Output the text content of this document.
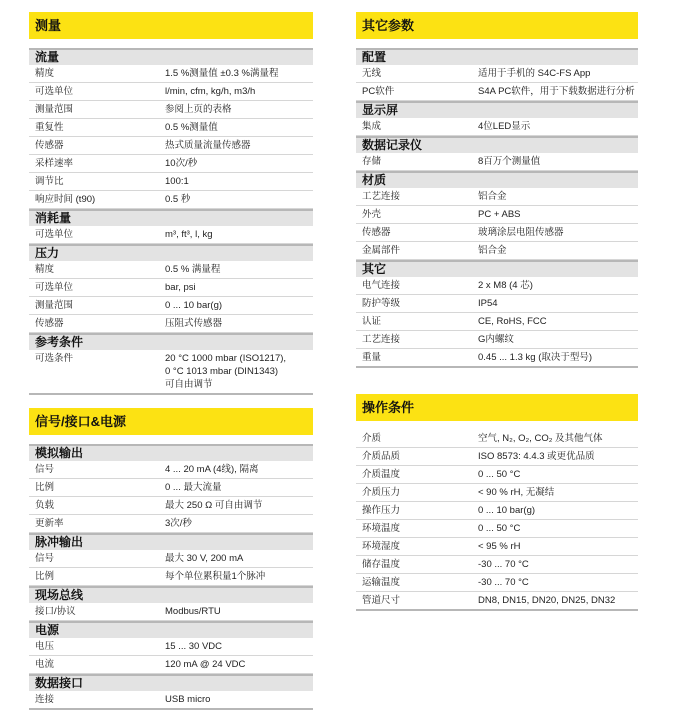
测量
流量
精度	1.5 %测量值 ±0.3 %满量程
可选单位	l/min, cfm, kg/h, m3/h
测量范围	参阅上页的表格
重复性	0.5 %测量值
传感器	热式质量流量传感器
采样速率	10次/秒
调节比	100:1
响应时间 (t90)	0.5 秒
消耗量
可选单位	m³, ft³, l, kg
压力
精度	0.5 % 满量程
可选单位	bar, psi
测量范围	0 ... 10 bar(g)
传感器	压阻式传感器
参考条件
可选条件	20 °C 1000 mbar (ISO1217),
0 °C 1013 mbar (DIN1343)
可自由调节
其它参数
配置
无线	适用于手机的 S4C-FS App
PC软件	S4A PC软件，用于下载数据进行分析
显示屏
集成	4位LED显示
数据记录仪
存储	8百万个测量值
材质
工艺连接	铝合金
外壳	PC + ABS
传感器	玻璃涂层电阻传感器
金属部件	铝合金
其它
电气连接	2 x M8 (4 芯)
防护等级	IP54
认证	CE, RoHS, FCC
工艺连接	G内螺纹
重量	0.45 ... 1.3 kg (取决于型号)
信号/接口&电源
模拟输出
信号	4 ... 20 mA (4线), 隔离
比例	0 ... 最大流量
负载	最大 250 Ω 可自由调节
更新率	3次/秒
脉冲输出
信号	最大 30 V, 200 mA
比例	每个单位累积量1个脉冲
现场总线
接口/协议	Modbus/RTU
电源
电压	15 ... 30 VDC
电流	120 mA @ 24 VDC
数据接口
连接	USB micro
操作条件
介质	空气, N₂, O₂, CO₂ 及其他气体
介质品质	ISO 8573: 4.4.3 或更优品质
介质温度	0 ... 50 °C
介质压力	< 90 % rH, 无凝结
操作压力	0 ... 10 bar(g)
环境温度	0 ... 50 °C
环境湿度	< 95 % rH
储存温度	-30 ... 70 °C
运输温度	-30 ... 70 °C
管道尺寸	DN8, DN15, DN20, DN25, DN32
